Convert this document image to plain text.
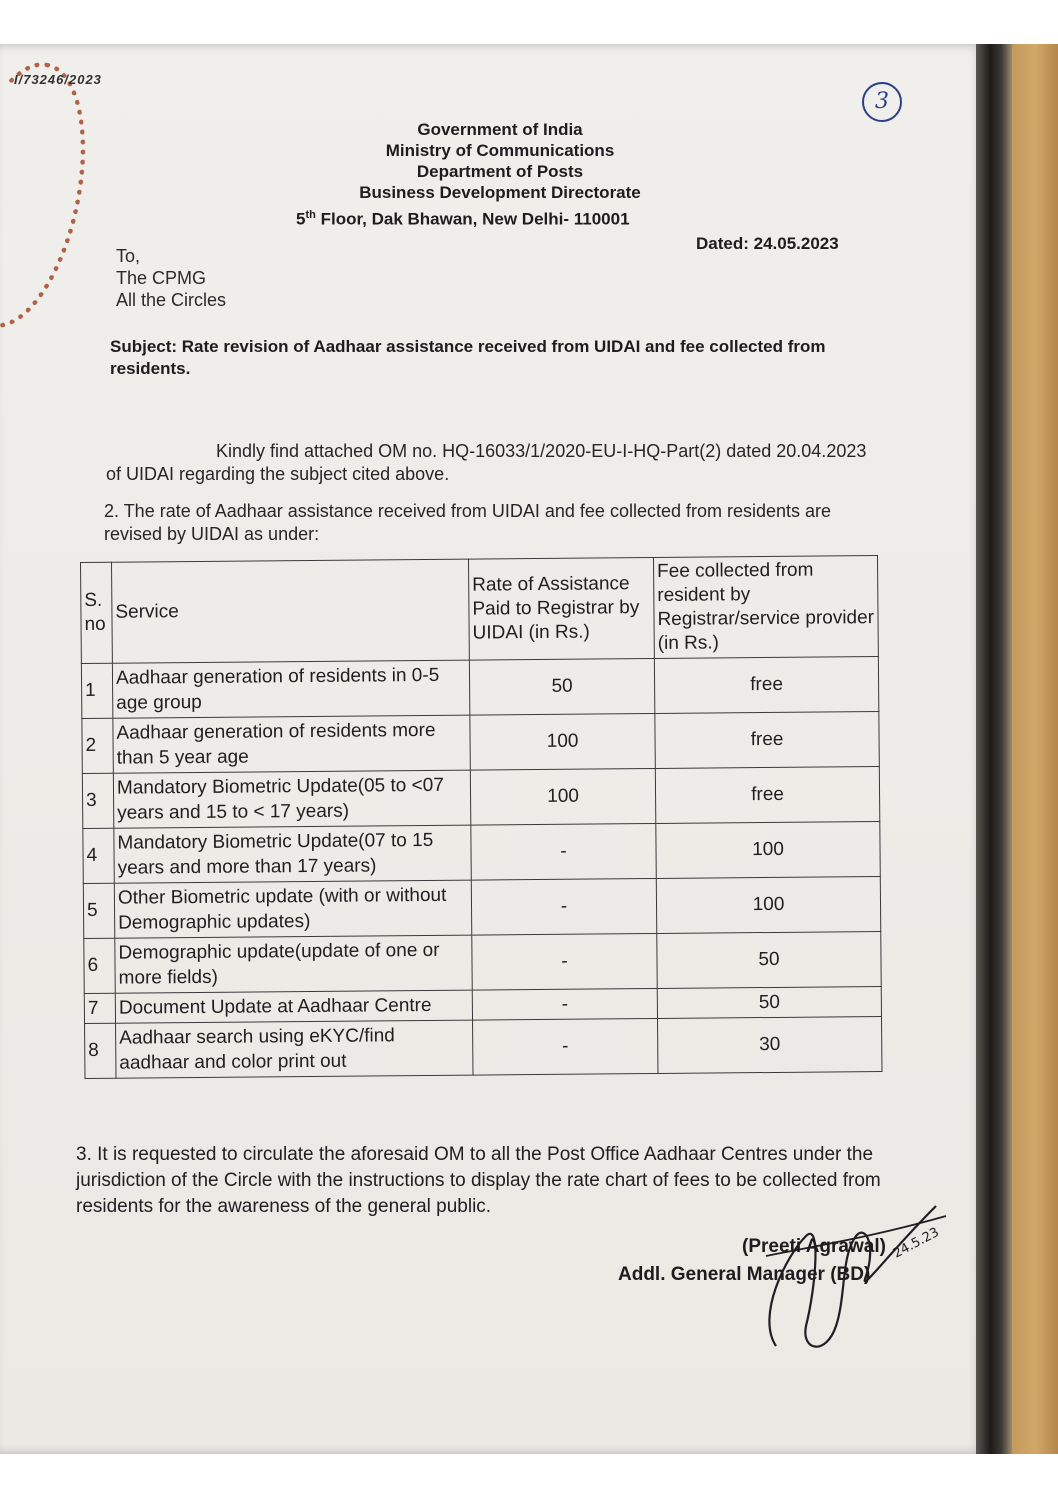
I/73246/2023
3
Government of India
Ministry of Communications
Department of Posts
Business Development Directorate
5th Floor, Dak Bhawan, New Delhi- 110001
Dated: 24.05.2023
To,
The CPMG
All the Circles
Subject: Rate revision of Aadhaar assistance received from UIDAI and fee collected from residents.
Kindly find attached OM no. HQ-16033/1/2020-EU-I-HQ-Part(2) dated 20.04.2023 of UIDAI regarding the subject cited above.
2. The rate of Aadhaar assistance received from UIDAI and fee collected from residents are revised by UIDAI as under:
S. no	Service	Rate of Assistance Paid to Registrar by UIDAI (in Rs.)	Fee collected from resident by Registrar/service provider (in Rs.)
1	Aadhaar generation of residents in 0-5 age group	50	free
2	Aadhaar generation of residents more than 5 year age	100	free
3	Mandatory Biometric Update(05 to <07 years and 15 to < 17 years)	100	free
4	Mandatory Biometric Update(07 to 15 years and more than 17 years)	-	100
5	Other Biometric update (with or without Demographic updates)	-	100
6	Demographic update(update of one or more fields)	-	50
7	Document Update at Aadhaar Centre	-	50
8	Aadhaar search using eKYC/find aadhaar and color print out	-	30
3. It is requested to circulate the aforesaid OM to all the Post Office Aadhaar Centres under the jurisdiction of the Circle with the instructions to display the rate chart of fees to be collected from residents for the awareness of the general public.
24.5.23
(Preeti Agrawal)
Addl. General Manager (BD)
